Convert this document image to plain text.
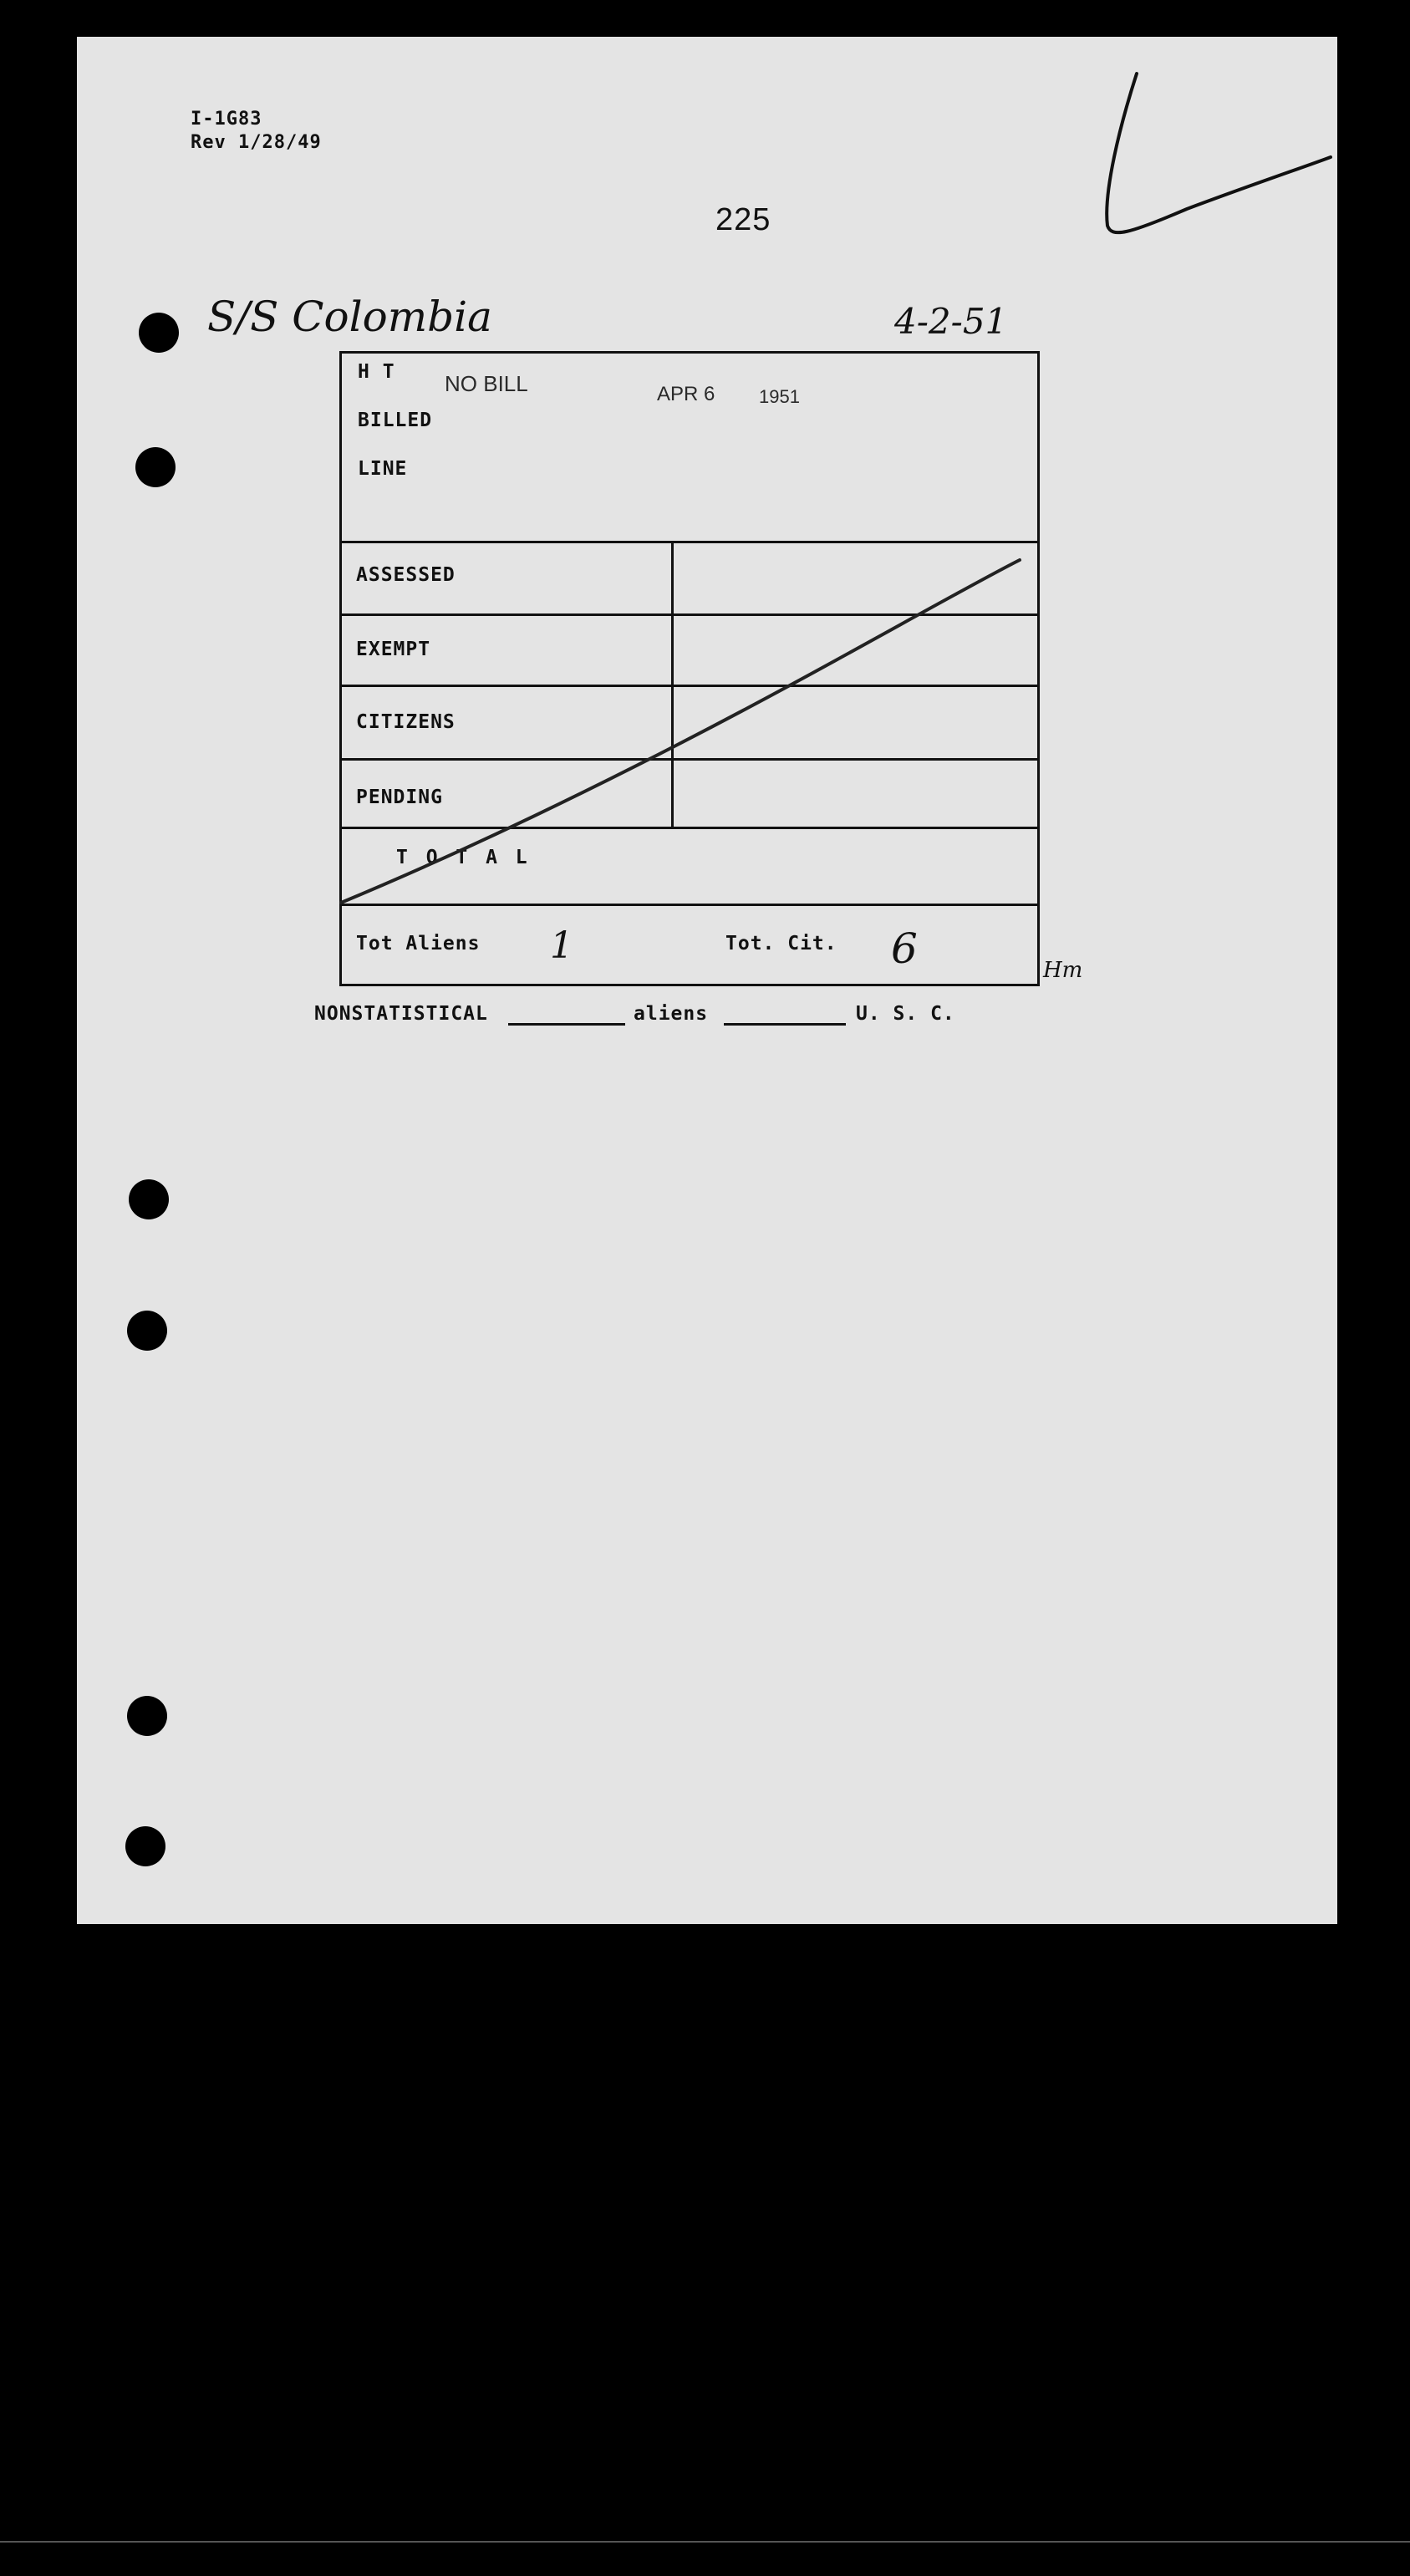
I-1G83
Rev 1/28/49
225
S/S Colombia	4-2-51
NO BILL	APR 6 1951
H T
BILLED
LINE
ASSESSED
EXEMPT
CITIZENS
PENDING
T O T A L
Tot Aliens 1	Tot. Cit. 6	Hm
NONSTATISTICAL	aliens	U. S. C.
